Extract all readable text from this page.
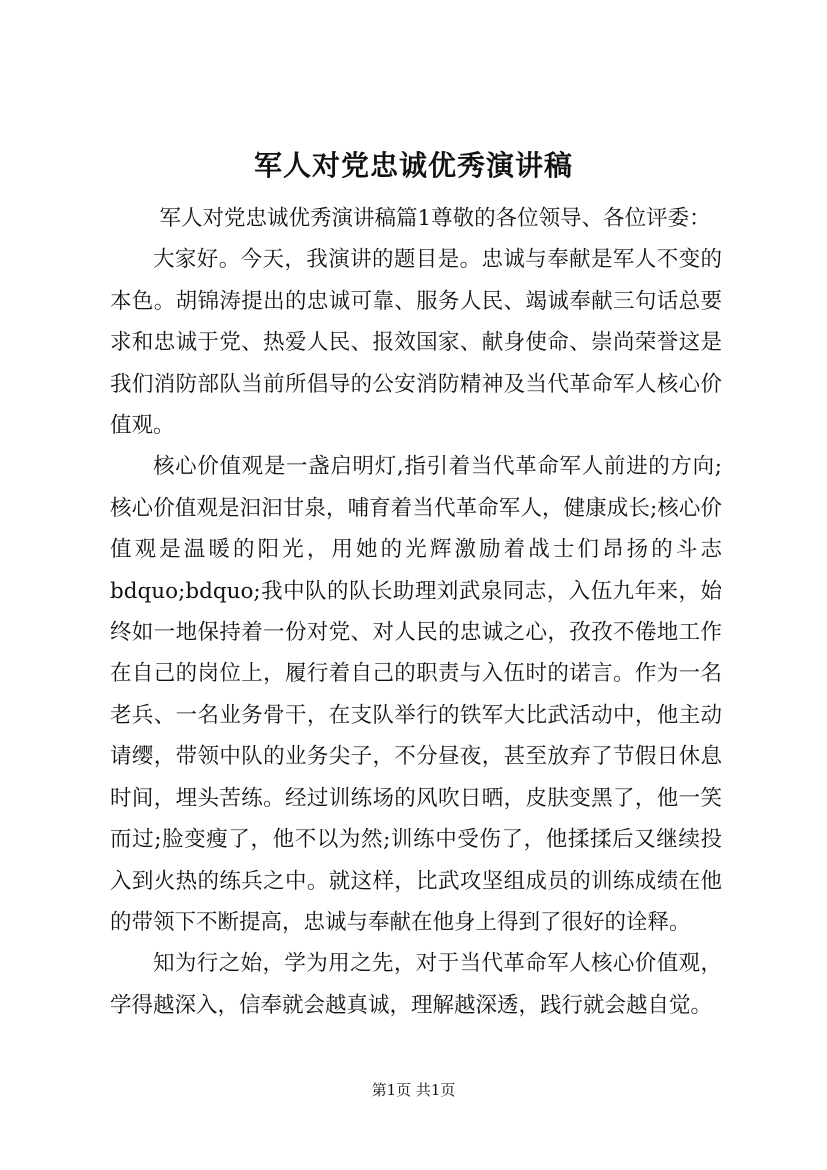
军人对党忠诚优秀演讲稿

军人对党忠诚优秀演讲稿篇1尊敬的各位领导、各位评委：

大家好。今天，我演讲的题目是。忠诚与奉献是军人不变的本色。胡锦涛提出的忠诚可靠、服务人民、竭诚奉献三句话总要求和忠诚于党、热爱人民、报效国家、献身使命、崇尚荣誉这是我们消防部队当前所倡导的公安消防精神及当代革命军人核心价值观。

核心价值观是一盏启明灯,指引着当代革命军人前进的方向;核心价值观是汩汩甘泉，哺育着当代革命军人，健康成长;核心价值观是温暖的阳光，用她的光辉激励着战士们昂扬的斗志bdquo;bdquo;我中队的队长助理刘武泉同志，入伍九年来，始终如一地保持着一份对党、对人民的忠诚之心，孜孜不倦地工作在自己的岗位上，履行着自己的职责与入伍时的诺言。作为一名老兵、一名业务骨干，在支队举行的铁军大比武活动中，他主动请缨，带领中队的业务尖子，不分昼夜，甚至放弃了节假日休息时间，埋头苦练。经过训练场的风吹日晒，皮肤变黑了，他一笑而过;脸变瘦了，他不以为然;训练中受伤了，他揉揉后又继续投入到火热的练兵之中。就这样，比武攻坚组成员的训练成绩在他的带领下不断提高，忠诚与奉献在他身上得到了很好的诠释。

知为行之始，学为用之先，对于当代革命军人核心价值观，学得越深入，信奉就会越真诚，理解越深透，践行就会越自觉。

第1页 共1页
